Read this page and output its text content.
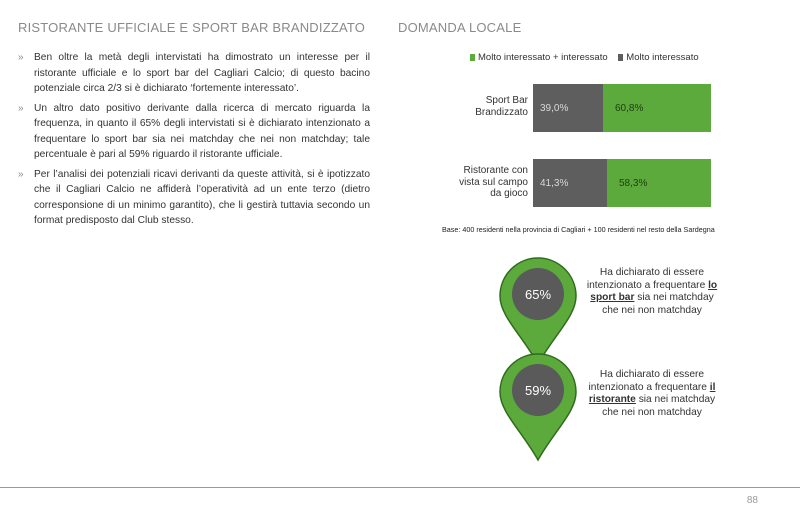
RISTORANTE UFFICIALE E SPORT BAR BRANDIZZATO
» Ben oltre la metà degli intervistati ha dimostrato un interesse per il ristorante ufficiale e lo sport bar del Cagliari Calcio; di questo bacino potenziale circa 2/3 si è dichiarato ‘fortemente interessato’.
» Un altro dato positivo derivante dalla ricerca di mercato riguarda la frequenza, in quanto il 65% degli intervistati si è dichiarato intenzionato a frequentare lo sport bar sia nei matchday che nei non matchday; tale percentuale è pari al 59% riguardo il ristorante ufficiale.
» Per l’analisi dei potenziali ricavi derivanti da queste attività, si è ipotizzato che il Cagliari Calcio ne affiderà l’operatività ad un ente terzo (dietro corresponsione di un minimo garantito), che li gestirà tuttavia secondo un format predisposto dal Club stesso.
DOMANDA LOCALE
Molto interessato + interessato Molto interessato
Sport Bar
Brandizzato
Ristorante con
vista sul campo
da gioco
39,0%	60,8%
41,3%	58,3%
Base: 400 residenti nella provincia di Cagliari + 100 residenti nel resto della Sardegna
65%
Ha dichiarato di essere
intenzionato a frequentare lo
sport bar sia nei matchday
che nei non matchday
59%
Ha dichiarato di essere
intenzionato a frequentare il
ristorante sia nei matchday
che nei non matchday
88
